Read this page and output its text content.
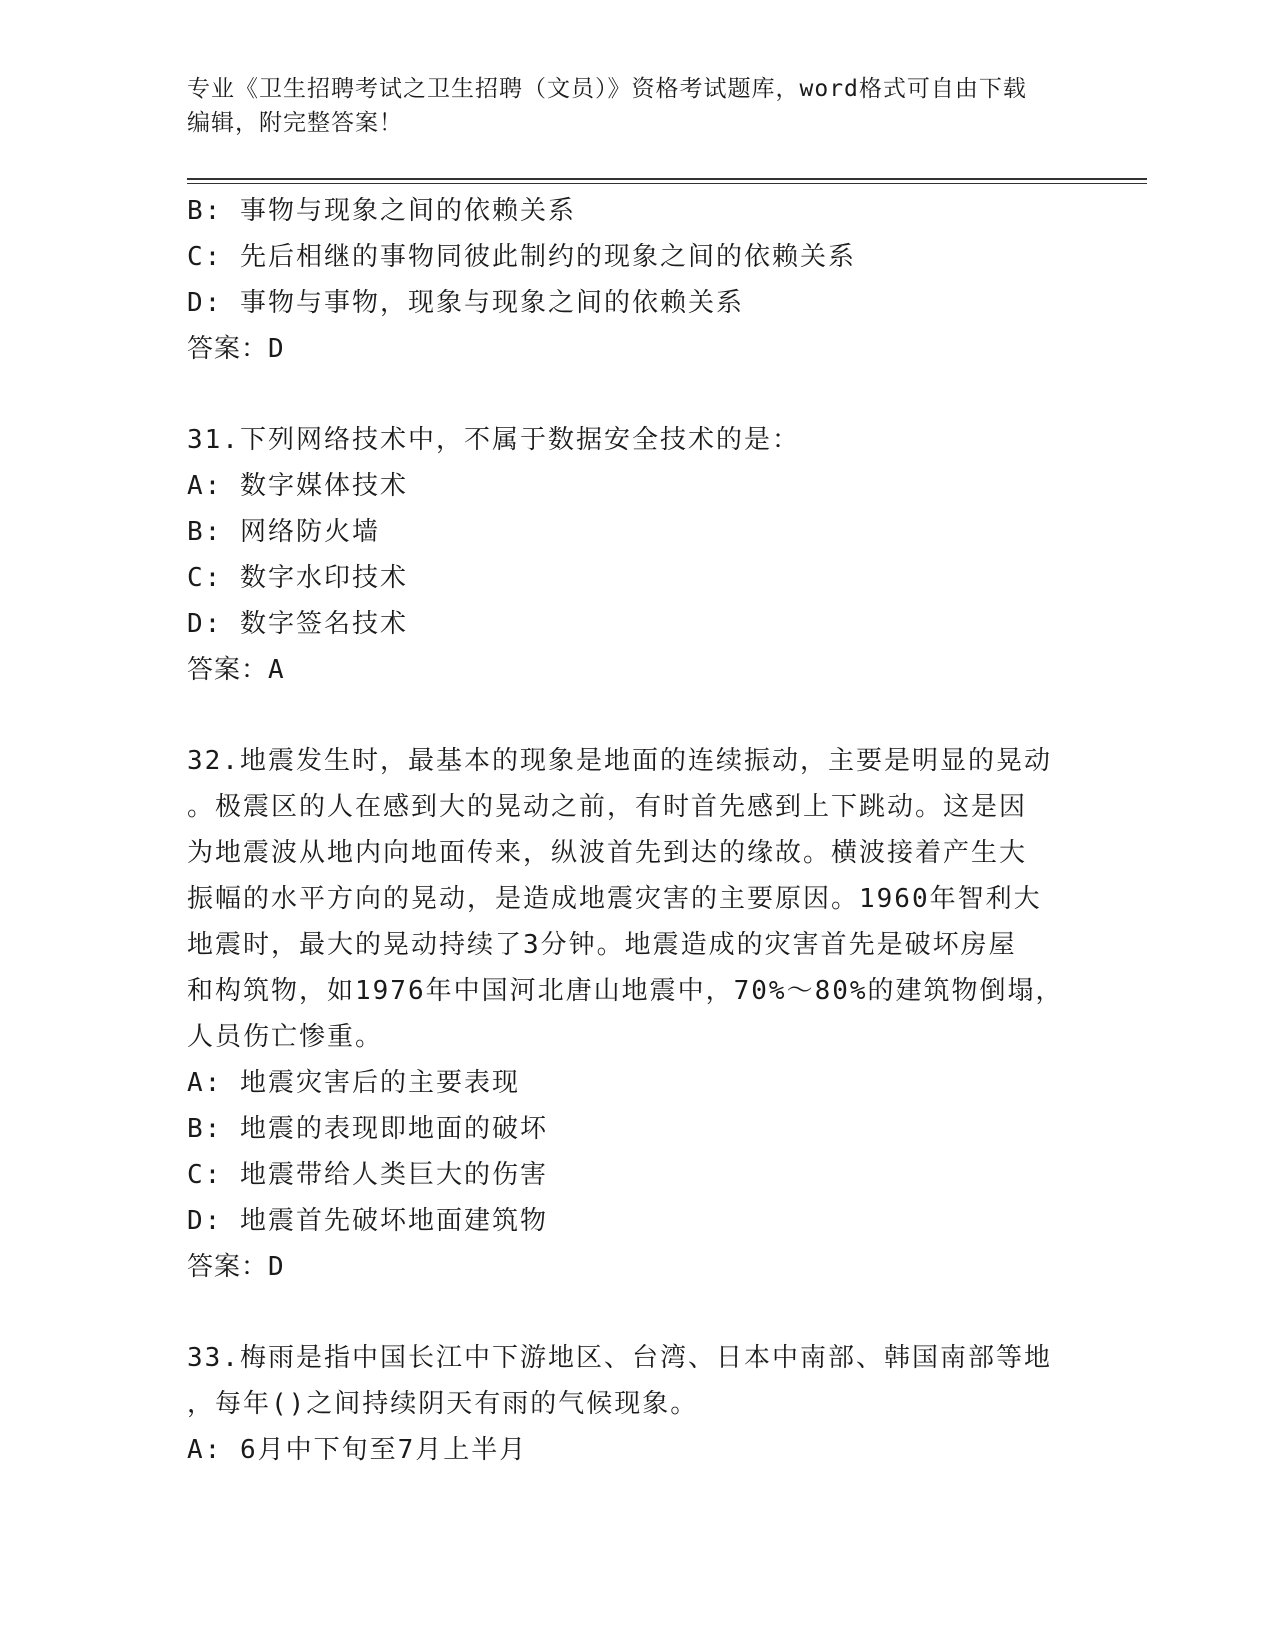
专业《卫生招聘考试之卫生招聘（文员）》资格考试题库，word格式可自由下载
编辑，附完整答案！
B: 事物与现象之间的依赖关系
C: 先后相继的事物同彼此制约的现象之间的依赖关系
D: 事物与事物，现象与现象之间的依赖关系
答案：D
31.下列网络技术中，不属于数据安全技术的是：
A: 数字媒体技术
B: 网络防火墙
C: 数字水印技术
D: 数字签名技术
答案：A
32.地震发生时，最基本的现象是地面的连续振动，主要是明显的晃动
。极震区的人在感到大的晃动之前，有时首先感到上下跳动。这是因
为地震波从地内向地面传来，纵波首先到达的缘故。横波接着产生大
振幅的水平方向的晃动，是造成地震灾害的主要原因。1960年智利大
地震时，最大的晃动持续了3分钟。地震造成的灾害首先是破坏房屋
和构筑物，如1976年中国河北唐山地震中，70%～80%的建筑物倒塌，
人员伤亡惨重。
A: 地震灾害后的主要表现
B: 地震的表现即地面的破坏
C: 地震带给人类巨大的伤害
D: 地震首先破坏地面建筑物
答案：D
33.梅雨是指中国长江中下游地区、台湾、日本中南部、韩国南部等地
，每年()之间持续阴天有雨的气候现象。
A: 6月中下旬至7月上半月
